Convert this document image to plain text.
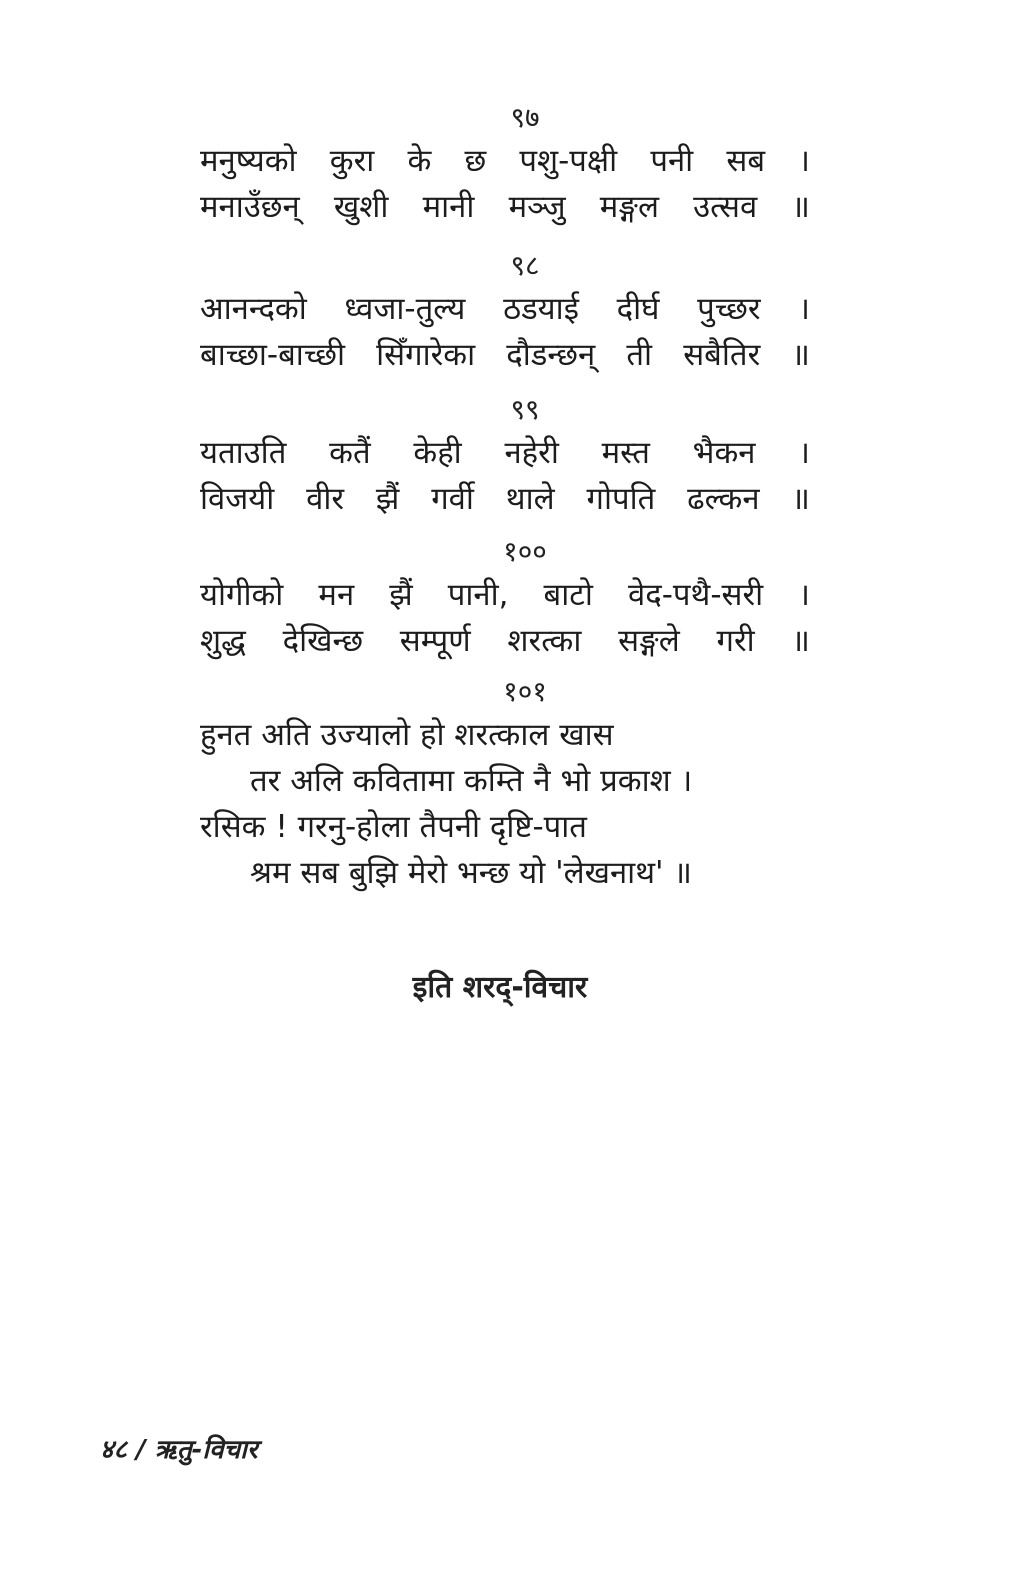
९७
मनुष्यको कुरा के छ पशु-पक्षी पनी सब ।
मनाउँछन् खुशी मानी मञ्जु मङ्गल उत्सव ॥
९८
आनन्दको ध्वजा-तुल्य ठडयाई दीर्घ पुच्छर ।
बाच्छा-बाच्छी सिँगारेका दौडन्छन् ती सबैतिर ॥
९९
यताउति कतैं केही नहेरी मस्त भैकन ।
विजयी वीर झैं गर्वी थाले गोपति ढल्कन ॥
१००
योगीको मन झैं पानी, बाटो वेद-पथै-सरी ।
शुद्ध देखिन्छ सम्पूर्ण शरत्का सङ्गले गरी ॥
१०१
हुनत अति उज्यालो हो शरत्काल खास
तर अलि कवितामा कम्ति नै भो प्रकाश ।
रसिक ! गरनु-होला तैपनी दृष्टि-पात
श्रम सब बुझि मेरो भन्छ यो 'लेखनाथ' ॥
इति शरद्-विचार
४८ / ऋतु-विचार
